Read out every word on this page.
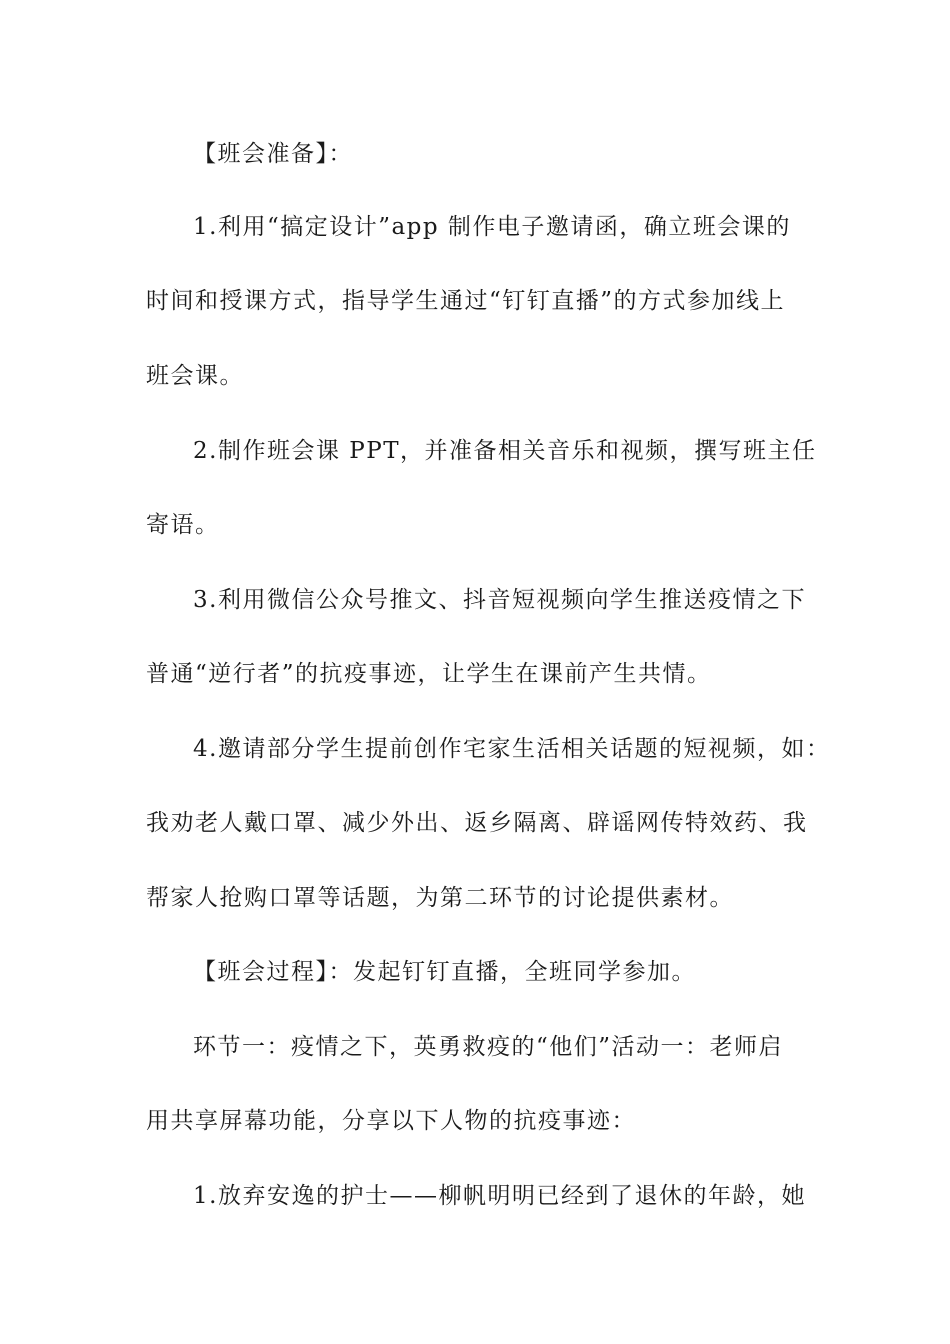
【班会准备】：
1.利用“搞定设计”app 制作电子邀请函，确立班会课的
时间和授课方式，指导学生通过“钉钉直播”的方式参加线上
班会课。
2.制作班会课 PPT，并准备相关音乐和视频，撰写班主任
寄语。
3.利用微信公众号推文、抖音短视频向学生推送疫情之下
普通“逆行者”的抗疫事迹，让学生在课前产生共情。
4.邀请部分学生提前创作宅家生活相关话题的短视频，如：
我劝老人戴口罩、减少外出、返乡隔离、辟谣网传特效药、我
帮家人抢购口罩等话题，为第二环节的讨论提供素材。
【班会过程】：发起钉钉直播，全班同学参加。
环节一：疫情之下，英勇救疫的“他们”活动一：老师启
用共享屏幕功能，分享以下人物的抗疫事迹：
1.放弃安逸的护士——柳帆明明已经到了退休的年龄，她
